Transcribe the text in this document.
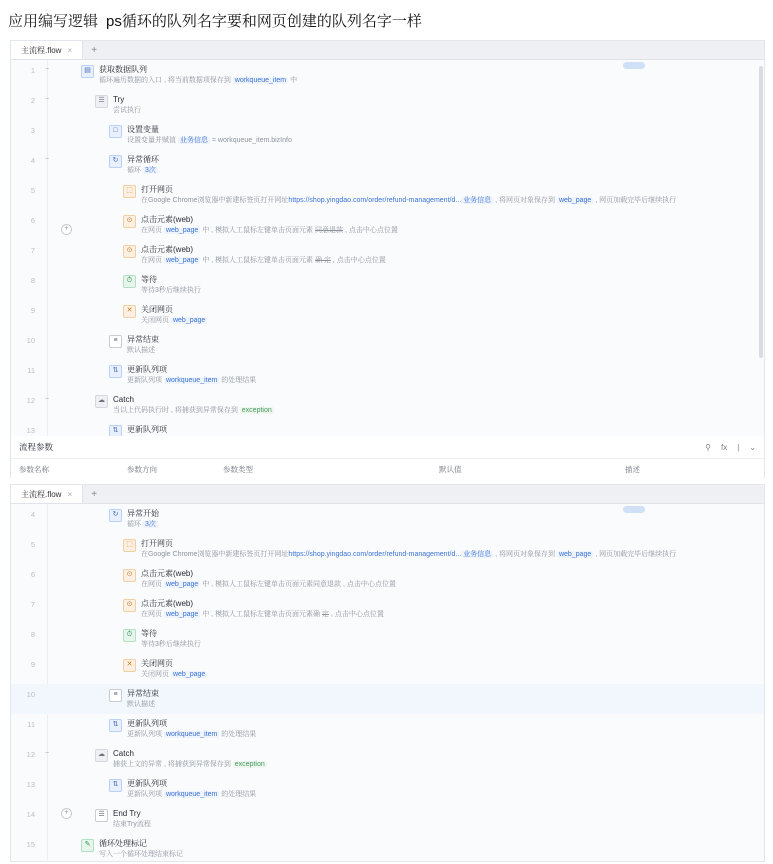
应用编写逻辑 ps循环的队列名字要和网页创建的队列名字一样
主流程.flow ×	+
1	−	▤ 获取数据队列
循环遍历数据的入口 , 将当前数据项保存到 workqueue_item 中
2	−	☰ Try
尝试执行
3	□	设置变量
设置变量并赋值 业务信息 = workqueue_item.bizInfo
4	−	↻	异常循环
循环 3次
5	⬚ 打开网页
在Google Chrome浏览器中新建标签页打开网址https://shop.yingdao.com/order/refund-management/d... 业务信息 , 将网页对象保存到 web_page , 网页加载完毕后继续执行
6	⊙	点击元素(web)
在网页 web_page 中 , 模拟人工鼠标左键单击页面元素 同意退款 , 点击中心点位置
7	⊙	点击元素(web)
在网页 web_page 中 , 模拟人工鼠标左键单击页面元素 确 定 , 点击中心点位置
8	⏱	等待
等待3秒后继续执行
9	✕	关闭网页
关闭网页 web_page
10	≡	异常结束
默认描述
11	⇅	更新队列项
更新队列项 workqueue_item 的处理结果
12	−	☁ Catch
当以上代码执行时 , 将捕获到异常保存到 exception
13	⇅	更新队列项
+
流程参数	⚲ fx | ⌄
参数名称	参数方向	参数类型	默认值	描述
主流程.flow ×	+
4	↻	异常开始
循环 3次
5	⬚ 打开网页
在Google Chrome浏览器中新建标签页打开网址https://shop.yingdao.com/order/refund-management/d... 业务信息 , 将网页对象保存到 web_page , 网页加载完毕后继续执行
6	⊙	点击元素(web)
在网页 web_page 中 , 模拟人工鼠标左键单击页面元素同意退款 , 点击中心点位置
7	⊙	点击元素(web)
在网页 web_page 中 , 模拟人工鼠标左键单击页面元素确 定 , 点击中心点位置
8	⏱	等待
等待3秒后继续执行
9	✕	关闭网页
关闭网页 web_page
10	≡	异常结束
默认描述
11	⇅	更新队列项
更新队列项 workqueue_item 的处理结果
12	−	☁ Catch
捕获上文的异常 , 将捕获到异常保存到 exception
13	⇅	更新队列项
更新队列项 workqueue_item 的处理结果
14	☰ End Try
结束Try流程
15	✎	循环处理标记
写入一个循环处理结束标记
+
